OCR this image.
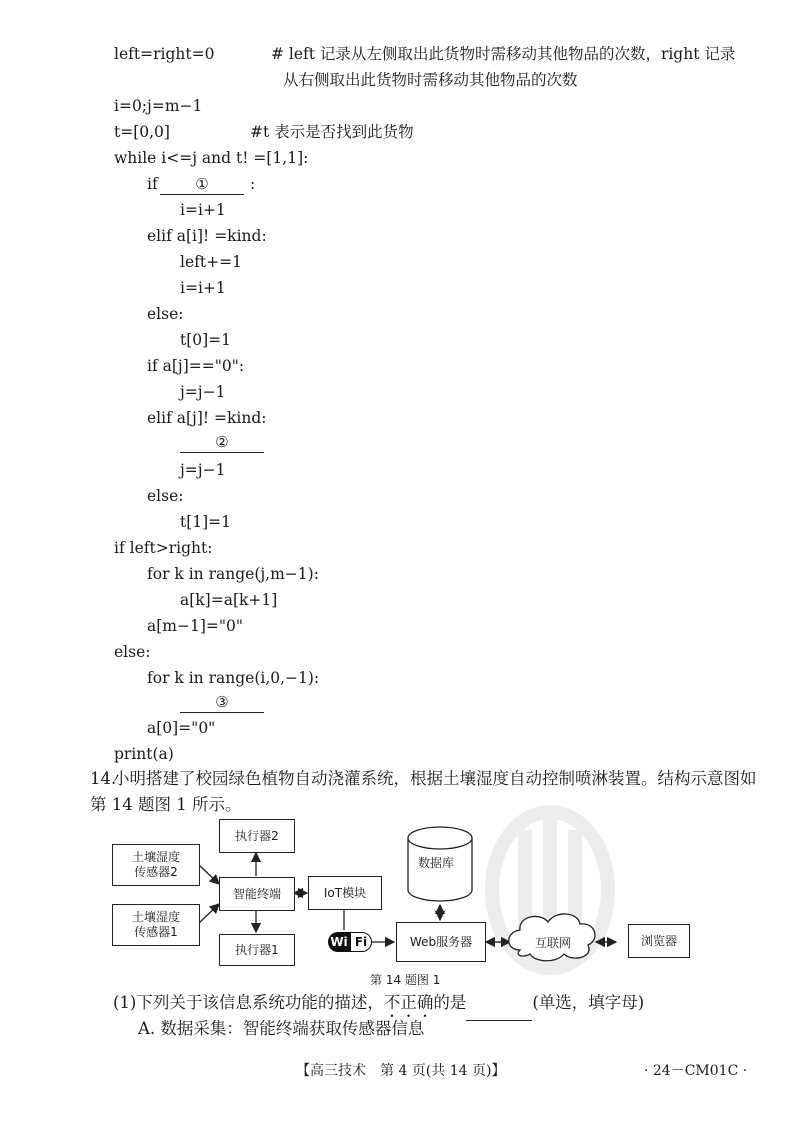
left=right=0	# left 记录从左侧取出此货物时需移动其他物品的次数，right 记录
从右侧取出此货物时需移动其他物品的次数
i=0;j=m−1
t=[0,0]	#t 表示是否找到此货物
while i<=j and t! =[1,1]:
if	①	:
i=i+1
elif a[i]! =kind:
left+=1
i=i+1
else:
t[0]=1
if a[j]=="0":
j=j−1
elif a[j]! =kind:
②
j=j−1
else:
t[1]=1
if left>right:
for k in range(j,m−1):
a[k]=a[k+1]
a[m−1]="0"
else:
for k in range(i,0,−1):
③
a[0]="0"
print(a)
14.
小明搭建了校园绿色植物自动浇灌系统，根据土壤湿度自动控制喷淋装置。结构示意图如
第 14 题图 1 所示。
土壤湿度
传感器2
土壤湿度
传感器1
执行器2
智能终端
执行器1
IoT模块
数据库
Web服务器	互联网	浏览器
Wi Fi
第 14 题图 1
(1)下列关于该信息系统功能的描述，不正确的是	(单选，填字母)
A. 数据采集：智能终端获取传感器信息
【高三技术　第 4 页(共 14 页)】	· 24－CM01C ·
